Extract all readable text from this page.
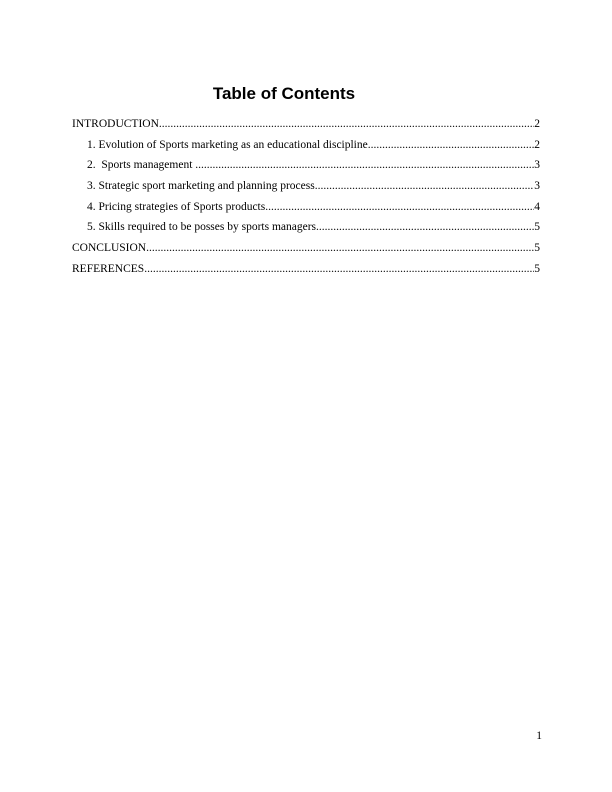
Table of Contents
INTRODUCTION .....	2
1. Evolution of Sports marketing as an educational discipline .....	2
2.  Sports management .....	3
3. Strategic sport marketing and planning process .....	3
4. Pricing strategies of Sports products .....	4
5. Skills required to be posses by sports managers .....	5
CONCLUSION .....	5
REFERENCES .....	5
1
